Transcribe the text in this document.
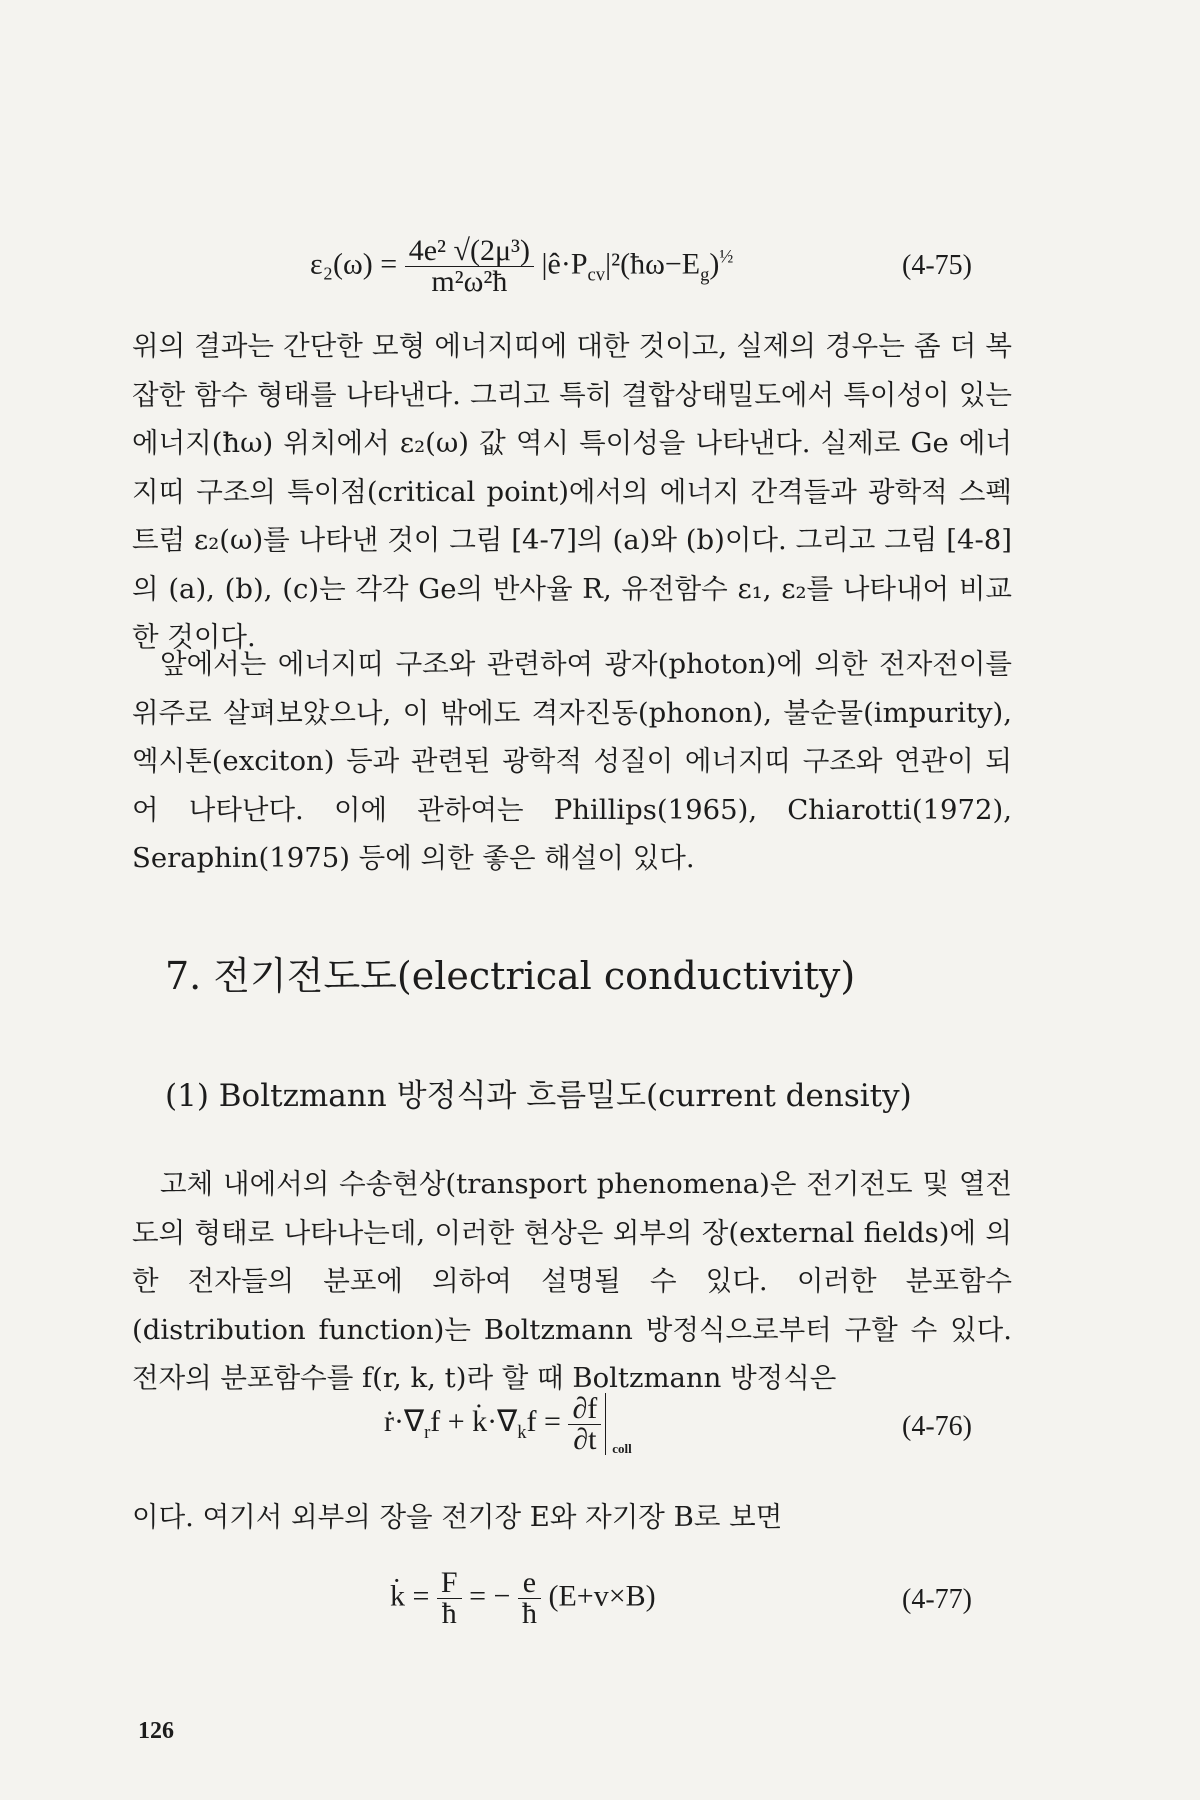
$\varepsilon_2(\omega) = \frac{\text{4e² √(2μ³)}}{\text{m²ω²ħ}}$ $|ê\cdot P_{cv}|^2(ħ\omega-E_g)^{\frac{1}{2}}$	(4-75)

위의 결과는 간단한 모형 에너지띠에 대한 것이고, 실제의 경우는 좀 더 복잡한 함수 형태를 나타낸다. 그리고 특히 결합상태밀도에서 특이성이 있는 에너지(ħω) 위치에서 ε₂(ω) 값 역시 특이성을 나타낸다. 실제로 Ge 에너지띠 구조의 특이점(critical point)에서의 에너지 간격들과 광학적 스펙트럼 ε₂(ω)를 나타낸 것이 그림 [4-7]의 (a)와 (b)이다. 그리고 그림 [4-8]의 (a), (b), (c)는 각각 Ge의 반사율 R, 유전함수 ε₁, ε₂를 나타내어 비교한 것이다.

앞에서는 에너지띠 구조와 관련하여 광자(photon)에 의한 전자전이를 위주로 살펴보았으나, 이 밖에도 격자진동(phonon), 불순물(impurity), 엑시톤(exciton) 등과 관련된 광학적 성질이 에너지띠 구조와 연관이 되어 나타난다. 이에 관하여는 Phillips(1965), Chiarotti(1972), Seraphin(1975) 등에 의한 좋은 해설이 있다.

7. 전기전도도(electrical conductivity)
(1) Boltzmann 방정식과 흐름밀도(current density)

고체 내에서의 수송현상(transport phenomena)은 전기전도 및 열전도의 형태로 나타나는데, 이러한 현상은 외부의 장(external fields)에 의한 전자들의 분포에 의하여 설명될 수 있다. 이러한 분포함수(distribution function)는 Boltzmann 방정식으로부터 구할 수 있다. 전자의 분포함수를 f(r, k, t)라 할 때 Boltzmann 방정식은

$ṙ\cdot\nabla_rf$ + $k̇\cdot\nabla_kf = \frac{\partial f}{\partial t}$ coll
(4-76)

이다. 여기서 외부의 장을 전기장 E와 자기장 B로 보면

k̇ = $\frac{F}{ħ}$ = − $\frac{e}{ħ} (E+v\times B)$	(4-77)
126
